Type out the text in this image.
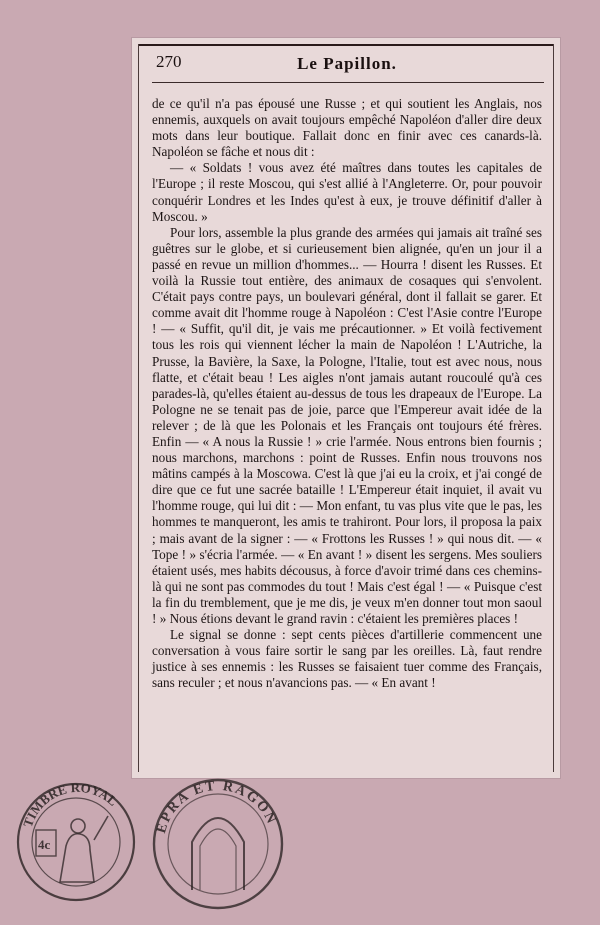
270	Le Papillon.

de ce qu'il n'a pas épousé une Russe ; et qui soutient les Anglais, nos ennemis, auxquels on avait toujours empêché Napoléon d'aller dire deux mots dans leur boutique. Fallait donc en finir avec ces canards-là. Napoléon se fâche et nous dit :

— « Soldats ! vous avez été maîtres dans toutes les capitales de l'Europe ; il reste Moscou, qui s'est allié à l'Angleterre. Or, pour pouvoir conquérir Londres et les Indes qu'est à eux, je trouve définitif d'aller à Moscou. »

Pour lors, assemble la plus grande des armées qui jamais ait traîné ses guêtres sur le globe, et si curieusement bien alignée, qu'en un jour il a passé en revue un million d'hommes... — Hourra ! disent les Russes. Et voilà la Russie tout entière, des animaux de cosaques qui s'envolent. C'était pays contre pays, un boulevari général, dont il fallait se garer. Et comme avait dit l'homme rouge à Napoléon : C'est l'Asie contre l'Europe ! — « Suffit, qu'il dit, je vais me précautionner. » Et voilà fectivement tous les rois qui viennent lécher la main de Napoléon ! L'Autriche, la Prusse, la Bavière, la Saxe, la Pologne, l'Italie, tout est avec nous, nous flatte, et c'était beau ! Les aigles n'ont jamais autant roucoulé qu'à ces parades-là, qu'elles étaient au-dessus de tous les drapeaux de l'Europe. La Pologne ne se tenait pas de joie, parce que l'Empereur avait idée de la relever ; de là que les Polonais et les Français ont toujours été frères. Enfin — « A nous la Russie ! » crie l'armée. Nous entrons bien fournis ; nous marchons, marchons : point de Russes. Enfin nous trouvons nos mâtins campés à la Moscowa. C'est là que j'ai eu la croix, et j'ai congé de dire que ce fut une sacrée bataille ! L'Empereur était inquiet, il avait vu l'homme rouge, qui lui dit : — Mon enfant, tu vas plus vite que le pas, les hommes te manqueront, les amis te trahiront. Pour lors, il proposa la paix ; mais avant de la signer : — « Frottons les Russes ! » qui nous dit. — « Tope ! » s'écria l'armée. — « En avant ! » disent les sergens. Mes souliers étaient usés, mes habits décousus, à force d'avoir trimé dans ces chemins-là qui ne sont pas commodes du tout ! Mais c'est égal ! — « Puisque c'est la fin du tremblement, que je me dis, je veux m'en donner tout mon saoul ! » Nous étions devant le grand ravin : c'étaient les premières places !

Le signal se donne : sept cents pièces d'artillerie commencent une conversation à vous faire sortir le sang par les oreilles. Là, faut rendre justice à ses ennemis : les Russes se faisaient tuer comme des Français, sans reculer ; et nous n'avancions pas. — « En avant !

TIMBRE ROYAL
4c
EPRA ET RAGON
